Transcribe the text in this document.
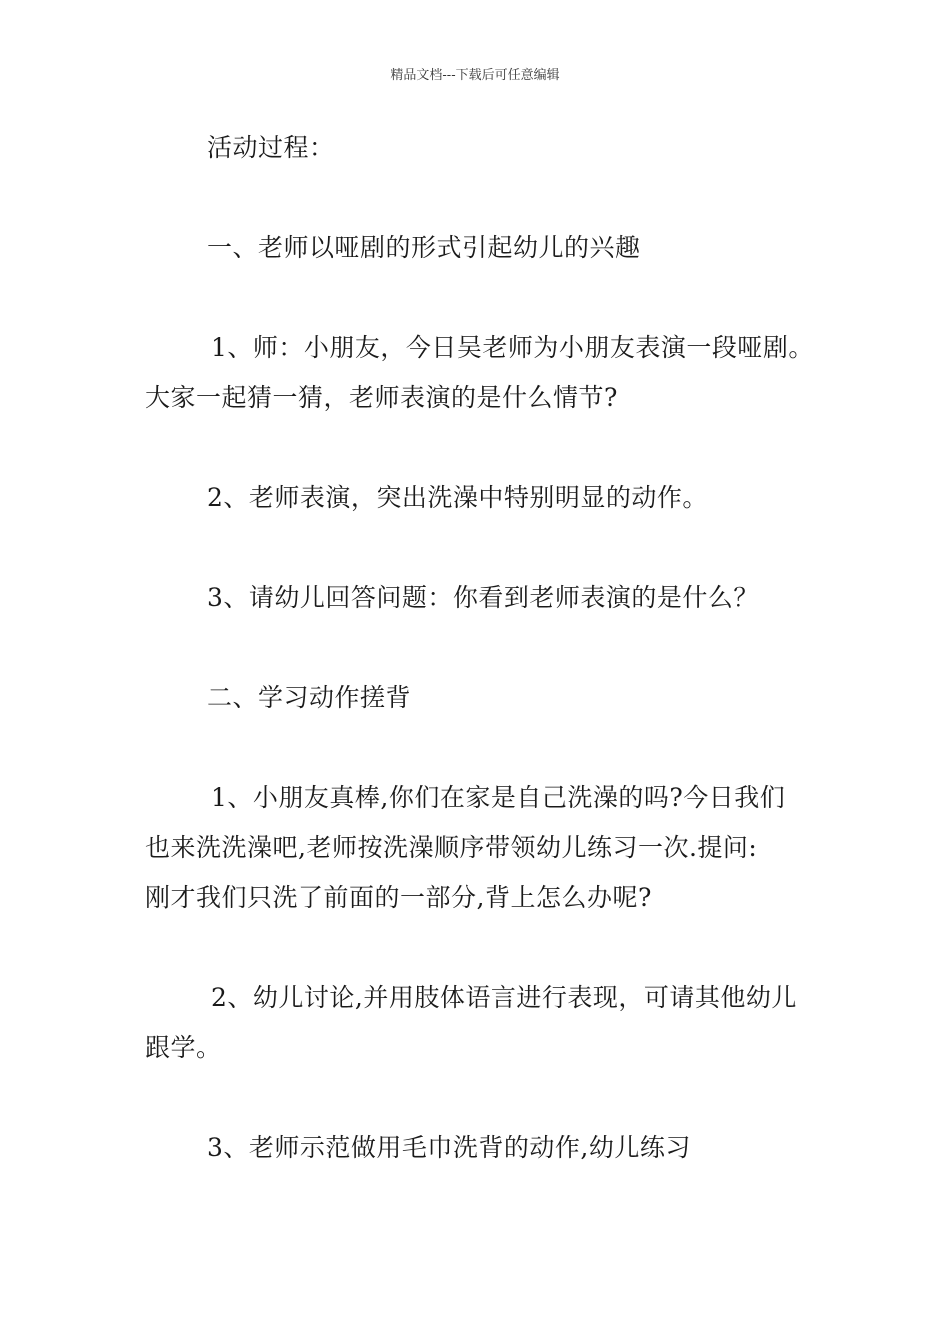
精品文档---下载后可任意编辑
活动过程：
一、老师以哑剧的形式引起幼儿的兴趣
1、师：小朋友，今日吴老师为小朋友表演一段哑剧。
大家一起猜一猜，老师表演的是什么情节?
2、老师表演，突出洗澡中特别明显的动作。
3、请幼儿回答问题：你看到老师表演的是什么？
二、学习动作搓背
1、小朋友真棒,你们在家是自己洗澡的吗?今日我们
也来洗洗澡吧,老师按洗澡顺序带领幼儿练习一次.提问:
刚才我们只洗了前面的一部分,背上怎么办呢?
2、幼儿讨论,并用肢体语言进行表现，可请其他幼儿
跟学。
3、老师示范做用毛巾洗背的动作,幼儿练习
